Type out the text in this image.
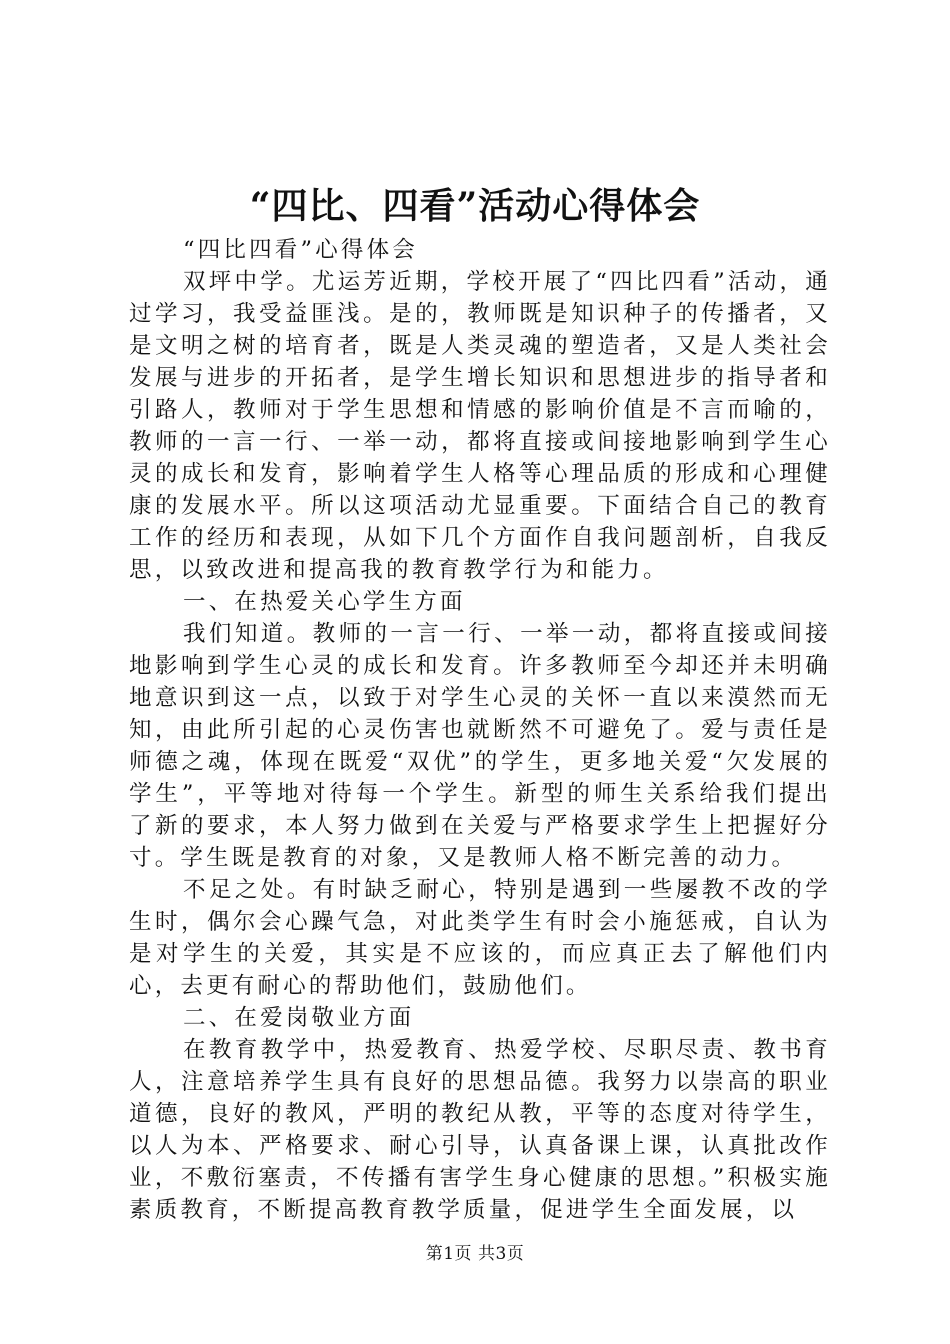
“四比、四看”活动心得体会

“四比四看”心得体会

双坪中学。尤运芳近期，学校开展了“四比四看”活动，通过学习，我受益匪浅。是的，教师既是知识种子的传播者，又是文明之树的培育者，既是人类灵魂的塑造者，又是人类社会发展与进步的开拓者，是学生增长知识和思想进步的指导者和引路人，教师对于学生思想和情感的影响价值是不言而喻的，教师的一言一行、一举一动，都将直接或间接地影响到学生心灵的成长和发育，影响着学生人格等心理品质的形成和心理健康的发展水平。所以这项活动尤显重要。下面结合自己的教育工作的经历和表现，从如下几个方面作自我问题剖析，自我反思，以致改进和提高我的教育教学行为和能力。

一、在热爱关心学生方面

我们知道。教师的一言一行、一举一动，都将直接或间接地影响到学生心灵的成长和发育。许多教师至今却还并未明确地意识到这一点，以致于对学生心灵的关怀一直以来漠然而无知，由此所引起的心灵伤害也就断然不可避免了。爱与责任是师德之魂，体现在既爱“双优”的学生，更多地关爱“欠发展的学生”，平等地对待每一个学生。新型的师生关系给我们提出了新的要求，本人努力做到在关爱与严格要求学生上把握好分寸。学生既是教育的对象，又是教师人格不断完善的动力。

不足之处。有时缺乏耐心，特别是遇到一些屡教不改的学生时，偶尔会心躁气急，对此类学生有时会小施惩戒，自认为是对学生的关爱，其实是不应该的，而应真正去了解他们内心，去更有耐心的帮助他们，鼓励他们。

二、在爱岗敬业方面

在教育教学中，热爱教育、热爱学校、尽职尽责、教书育人，注意培养学生具有良好的思想品德。我努力以崇高的职业道德，良好的教风，严明的教纪从教，平等的态度对待学生，以人为本、严格要求、耐心引导，认真备课上课，认真批改作业，不敷衍塞责，不传播有害学生身心健康的思想。”积极实施素质教育，不断提高教育教学质量，促进学生全面发展，以

第1页 共3页
